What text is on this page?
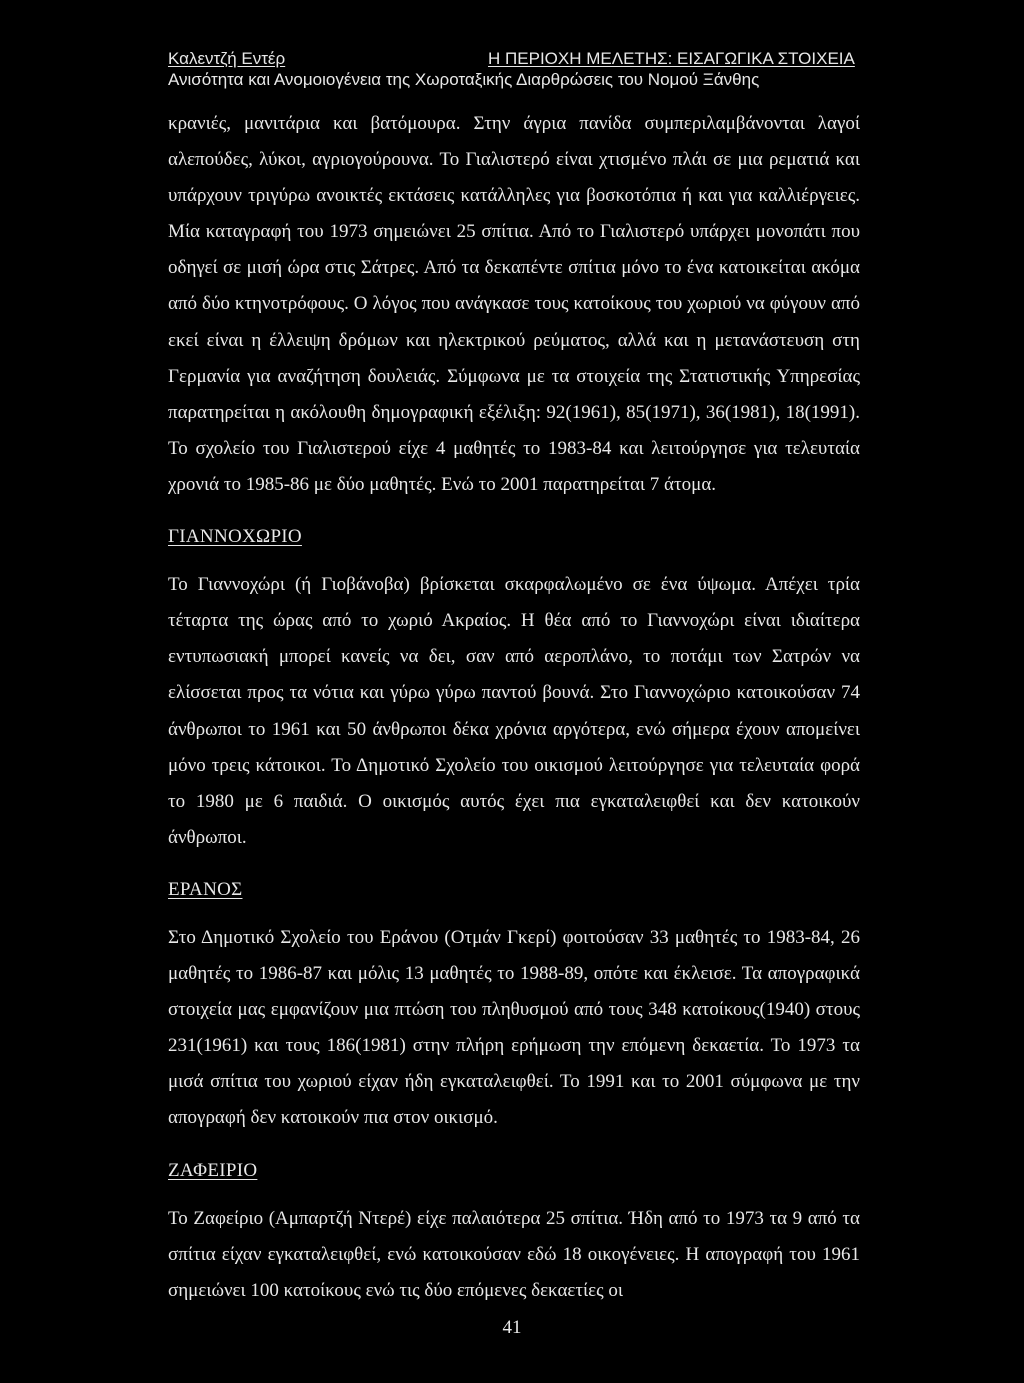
Καλεντζή Εντέρ	Η ΠΕΡΙΟΧΗ ΜΕΛΕΤΗΣ: ΕΙΣΑΓΩΓΙΚΑ ΣΤΟΙΧΕΙΑ
Ανισότητα και Ανομοιογένεια της Χωροταξικής Διαρθρώσεις του Νομού Ξάνθης

κρανιές, μανιτάρια και βατόμουρα. Στην άγρια πανίδα συμπεριλαμβάνονται λαγοί αλεπούδες, λύκοι, αγριογούρουνα. Το Γιαλιστερό είναι χτισμένο πλάι σε μια ρεματιά και υπάρχουν τριγύρω ανοικτές εκτάσεις κατάλληλες για βοσκοτόπια ή και για καλλιέργειες. Μία καταγραφή του 1973 σημειώνει 25 σπίτια. Από το Γιαλιστερό υπάρχει μονοπάτι που οδηγεί σε μισή ώρα στις Σάτρες. Από τα δεκαπέντε σπίτια μόνο το ένα κατοικείται ακόμα από δύο κτηνοτρόφους. Ο λόγος που ανάγκασε τους κατοίκους του χωριού να φύγουν από εκεί είναι η έλλειψη δρόμων και ηλεκτρικού ρεύματος, αλλά και η μετανάστευση στη Γερμανία για αναζήτηση δουλειάς. Σύμφωνα με τα στοιχεία της Στατιστικής Υπηρεσίας παρατηρείται η ακόλουθη δημογραφική εξέλιξη: 92(1961), 85(1971), 36(1981), 18(1991). Το σχολείο του Γιαλιστερού είχε 4 μαθητές το 1983-84 και λειτούργησε για τελευταία χρονιά το 1985-86 με δύο μαθητές. Ενώ το 2001 παρατηρείται 7 άτομα.

ΓΙΑΝΝΟΧΩΡΙΟ

Το Γιαννοχώρι (ή Γιοβάνοβα) βρίσκεται σκαρφαλωμένο σε ένα ύψωμα. Απέχει τρία τέταρτα της ώρας από το χωριό Ακραίος. Η θέα από το Γιαννοχώρι είναι ιδιαίτερα εντυπωσιακή μπορεί κανείς να δει, σαν από αεροπλάνο, το ποτάμι των Σατρών να ελίσσεται προς τα νότια και γύρω γύρω παντού βουνά. Στο Γιαννοχώριο κατοικούσαν 74 άνθρωποι το 1961 και 50 άνθρωποι δέκα χρόνια αργότερα, ενώ σήμερα έχουν απομείνει μόνο τρεις κάτοικοι. Το Δημοτικό Σχολείο του οικισμού λειτούργησε για τελευταία φορά το 1980 με 6 παιδιά. Ο οικισμός αυτός έχει πια εγκαταλειφθεί και δεν κατοικούν άνθρωποι.

ΕΡΑΝΟΣ

Στο Δημοτικό Σχολείο του Εράνου (Οτμάν Γκερί) φοιτούσαν 33 μαθητές το 1983-84, 26 μαθητές το 1986-87 και μόλις 13 μαθητές το 1988-89, οπότε και έκλεισε. Τα απογραφικά στοιχεία μας εμφανίζουν μια πτώση του πληθυσμού από τους 348 κατοίκους(1940) στους 231(1961) και τους 186(1981) στην πλήρη ερήμωση την επόμενη δεκαετία. Το 1973 τα μισά σπίτια του χωριού είχαν ήδη εγκαταλειφθεί. Το 1991 και το 2001 σύμφωνα με την απογραφή δεν κατοικούν πια στον οικισμό.

ΖΑΦΕΙΡΙΟ

Το Ζαφείριο (Αμπαρτζή Ντερέ) είχε παλαιότερα 25 σπίτια. Ήδη από το 1973 τα 9 από τα σπίτια είχαν εγκαταλειφθεί, ενώ κατοικούσαν εδώ 18 οικογένειες. Η απογραφή του 1961 σημειώνει 100 κατοίκους ενώ τις δύο επόμενες δεκαετίες οι

41
